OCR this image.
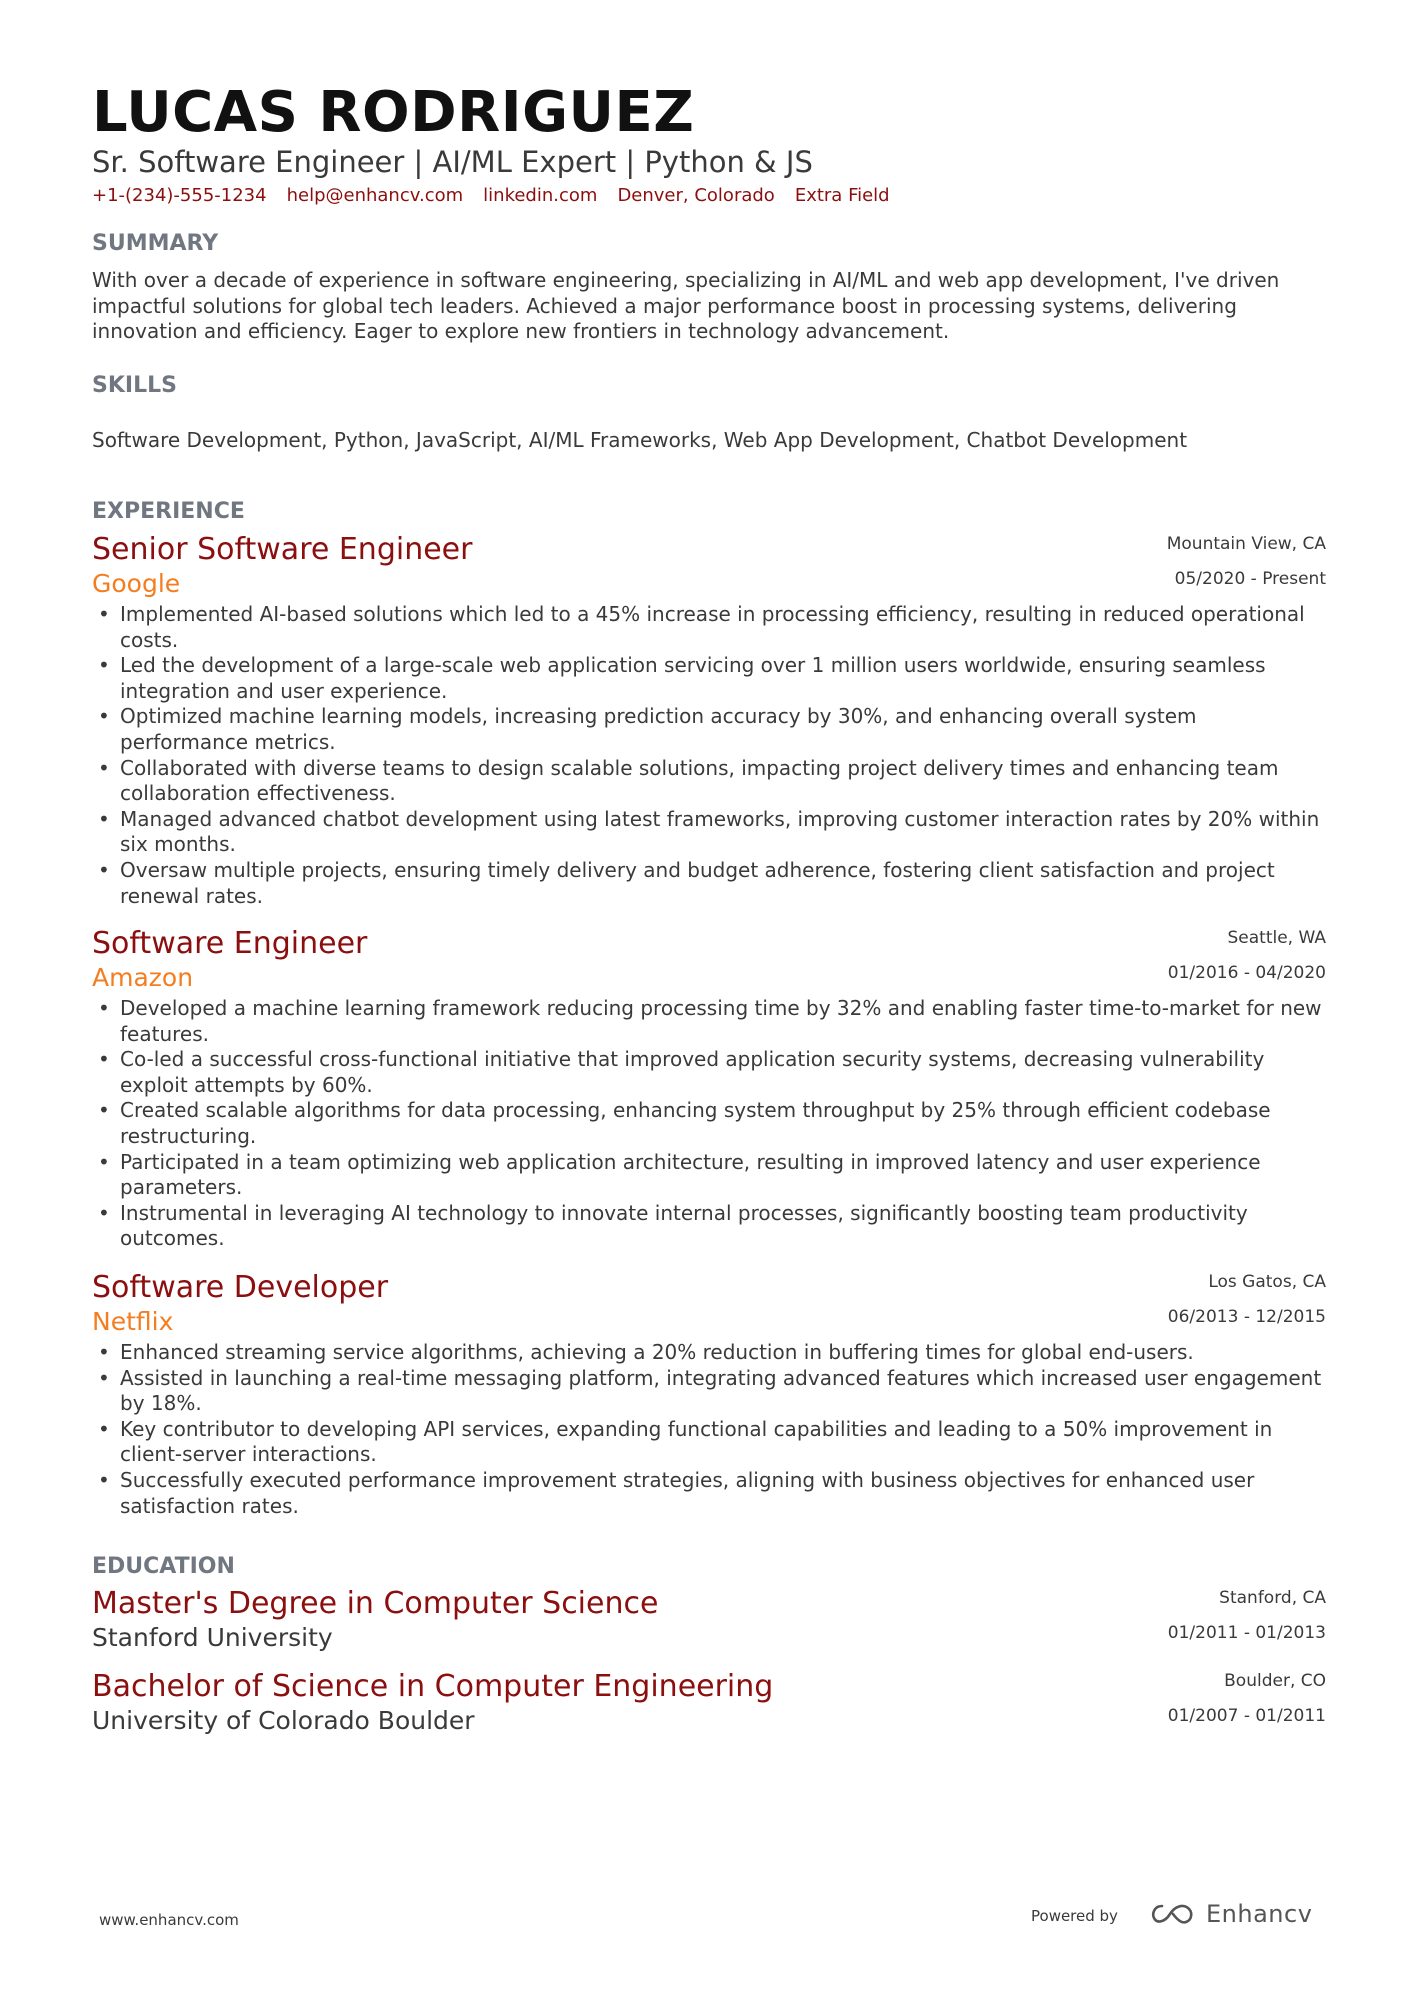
LUCAS RODRIGUEZ
Sr. Software Engineer | AI/ML Expert | Python & JS
+1-(234)-555-1234 help@enhancv.com linkedin.com Denver, Colorado Extra Field
SUMMARY
With over a decade of experience in software engineering, specializing in AI/ML and web app development, I've driven impactful solutions for global tech leaders. Achieved a major performance boost in processing systems, delivering innovation and efficiency. Eager to explore new frontiers in technology advancement.
SKILLS
Software Development, Python, JavaScript, AI/ML Frameworks, Web App Development, Chatbot Development
EXPERIENCE
Senior Software Engineer
Google
Mountain View, CA
05/2020 - Present
• Implemented AI-based solutions which led to a 45% increase in processing efficiency, resulting in reduced operational costs.
• Led the development of a large-scale web application servicing over 1 million users worldwide, ensuring seamless integration and user experience.
• Optimized machine learning models, increasing prediction accuracy by 30%, and enhancing overall system performance metrics.
• Collaborated with diverse teams to design scalable solutions, impacting project delivery times and enhancing team collaboration effectiveness.
• Managed advanced chatbot development using latest frameworks, improving customer interaction rates by 20% within six months.
• Oversaw multiple projects, ensuring timely delivery and budget adherence, fostering client satisfaction and project renewal rates.
Software Engineer
Amazon
Seattle, WA
01/2016 - 04/2020
• Developed a machine learning framework reducing processing time by 32% and enabling faster time-to-market for new features.
• Co-led a successful cross-functional initiative that improved application security systems, decreasing vulnerability exploit attempts by 60%.
• Created scalable algorithms for data processing, enhancing system throughput by 25% through efficient codebase restructuring.
• Participated in a team optimizing web application architecture, resulting in improved latency and user experience parameters.
• Instrumental in leveraging AI technology to innovate internal processes, significantly boosting team productivity outcomes.
Software Developer
Netflix
Los Gatos, CA
06/2013 - 12/2015
• Enhanced streaming service algorithms, achieving a 20% reduction in buffering times for global end-users.
• Assisted in launching a real-time messaging platform, integrating advanced features which increased user engagement by 18%.
• Key contributor to developing API services, expanding functional capabilities and leading to a 50% improvement in client-server interactions.
• Successfully executed performance improvement strategies, aligning with business objectives for enhanced user satisfaction rates.
EDUCATION
Master's Degree in Computer Science
Stanford University
Stanford, CA
01/2011 - 01/2013
Bachelor of Science in Computer Engineering
University of Colorado Boulder
Boulder, CO
01/2007 - 01/2011
www.enhancv.com	Powered by	Enhancv
